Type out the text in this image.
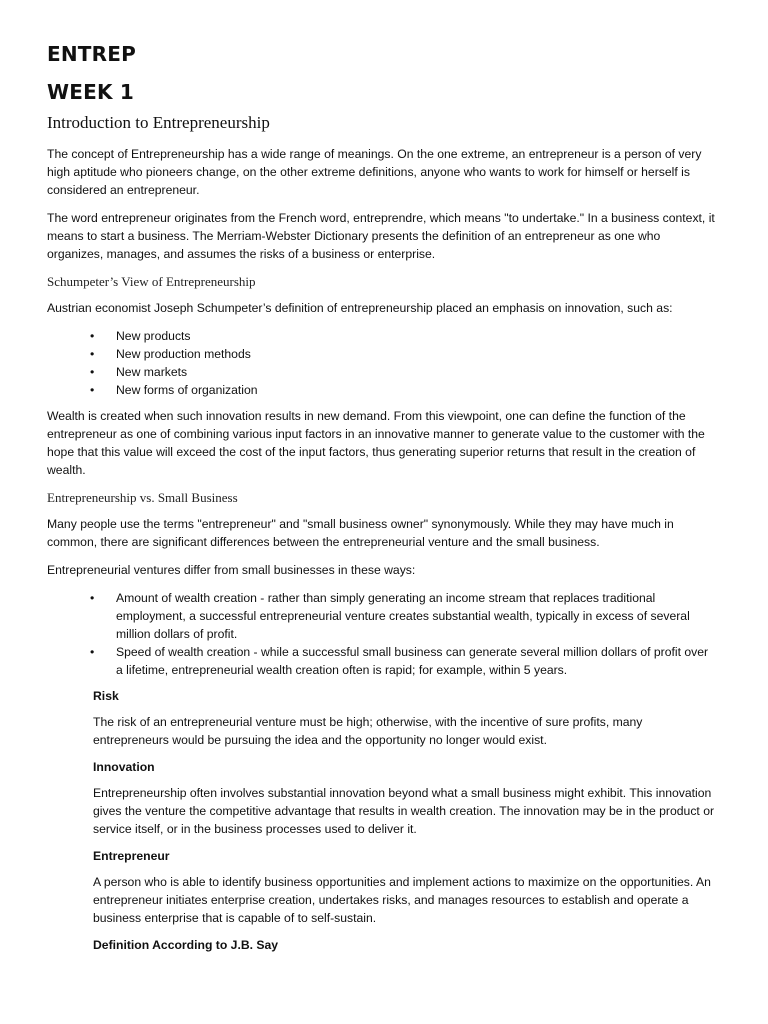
ENTREP
WEEK 1
Introduction to Entrepreneurship

The concept of Entrepreneurship has a wide range of meanings. On the one extreme, an entrepreneur is a person of very high aptitude who pioneers change, on the other extreme definitions, anyone who wants to work for himself or herself is considered an entrepreneur.

The word entrepreneur originates from the French word, entreprendre, which means "to undertake." In a business context, it means to start a business. The Merriam-Webster Dictionary presents the definition of an entrepreneur as one who organizes, manages, and assumes the risks of a business or enterprise.

Schumpeter’s View of Entrepreneurship

Austrian economist Joseph Schumpeter’s definition of entrepreneurship placed an emphasis on innovation, such as:

• New products
• New production methods
• New markets
• New forms of organization

Wealth is created when such innovation results in new demand. From this viewpoint, one can define the function of the entrepreneur as one of combining various input factors in an innovative manner to generate value to the customer with the hope that this value will exceed the cost of the input factors, thus generating superior returns that result in the creation of wealth.

Entrepreneurship vs. Small Business

Many people use the terms "entrepreneur" and "small business owner" synonymously. While they may have much in common, there are significant differences between the entrepreneurial venture and the small business.

Entrepreneurial ventures differ from small businesses in these ways:

• Amount of wealth creation - rather than simply generating an income stream that replaces traditional employment, a successful entrepreneurial venture creates substantial wealth, typically in excess of several million dollars of profit.
• Speed of wealth creation - while a successful small business can generate several million dollars of profit over a lifetime, entrepreneurial wealth creation often is rapid; for example, within 5 years.
Risk

The risk of an entrepreneurial venture must be high; otherwise, with the incentive of sure profits, many entrepreneurs would be pursuing the idea and the opportunity no longer would exist.

Innovation

Entrepreneurship often involves substantial innovation beyond what a small business might exhibit. This innovation gives the venture the competitive advantage that results in wealth creation. The innovation may be in the product or service itself, or in the business processes used to deliver it.

Entrepreneur

A person who is able to identify business opportunities and implement actions to maximize on the opportunities. An entrepreneur initiates enterprise creation, undertakes risks, and manages resources to establish and operate a business enterprise that is capable of to self-sustain.

Definition According to J.B. Say
